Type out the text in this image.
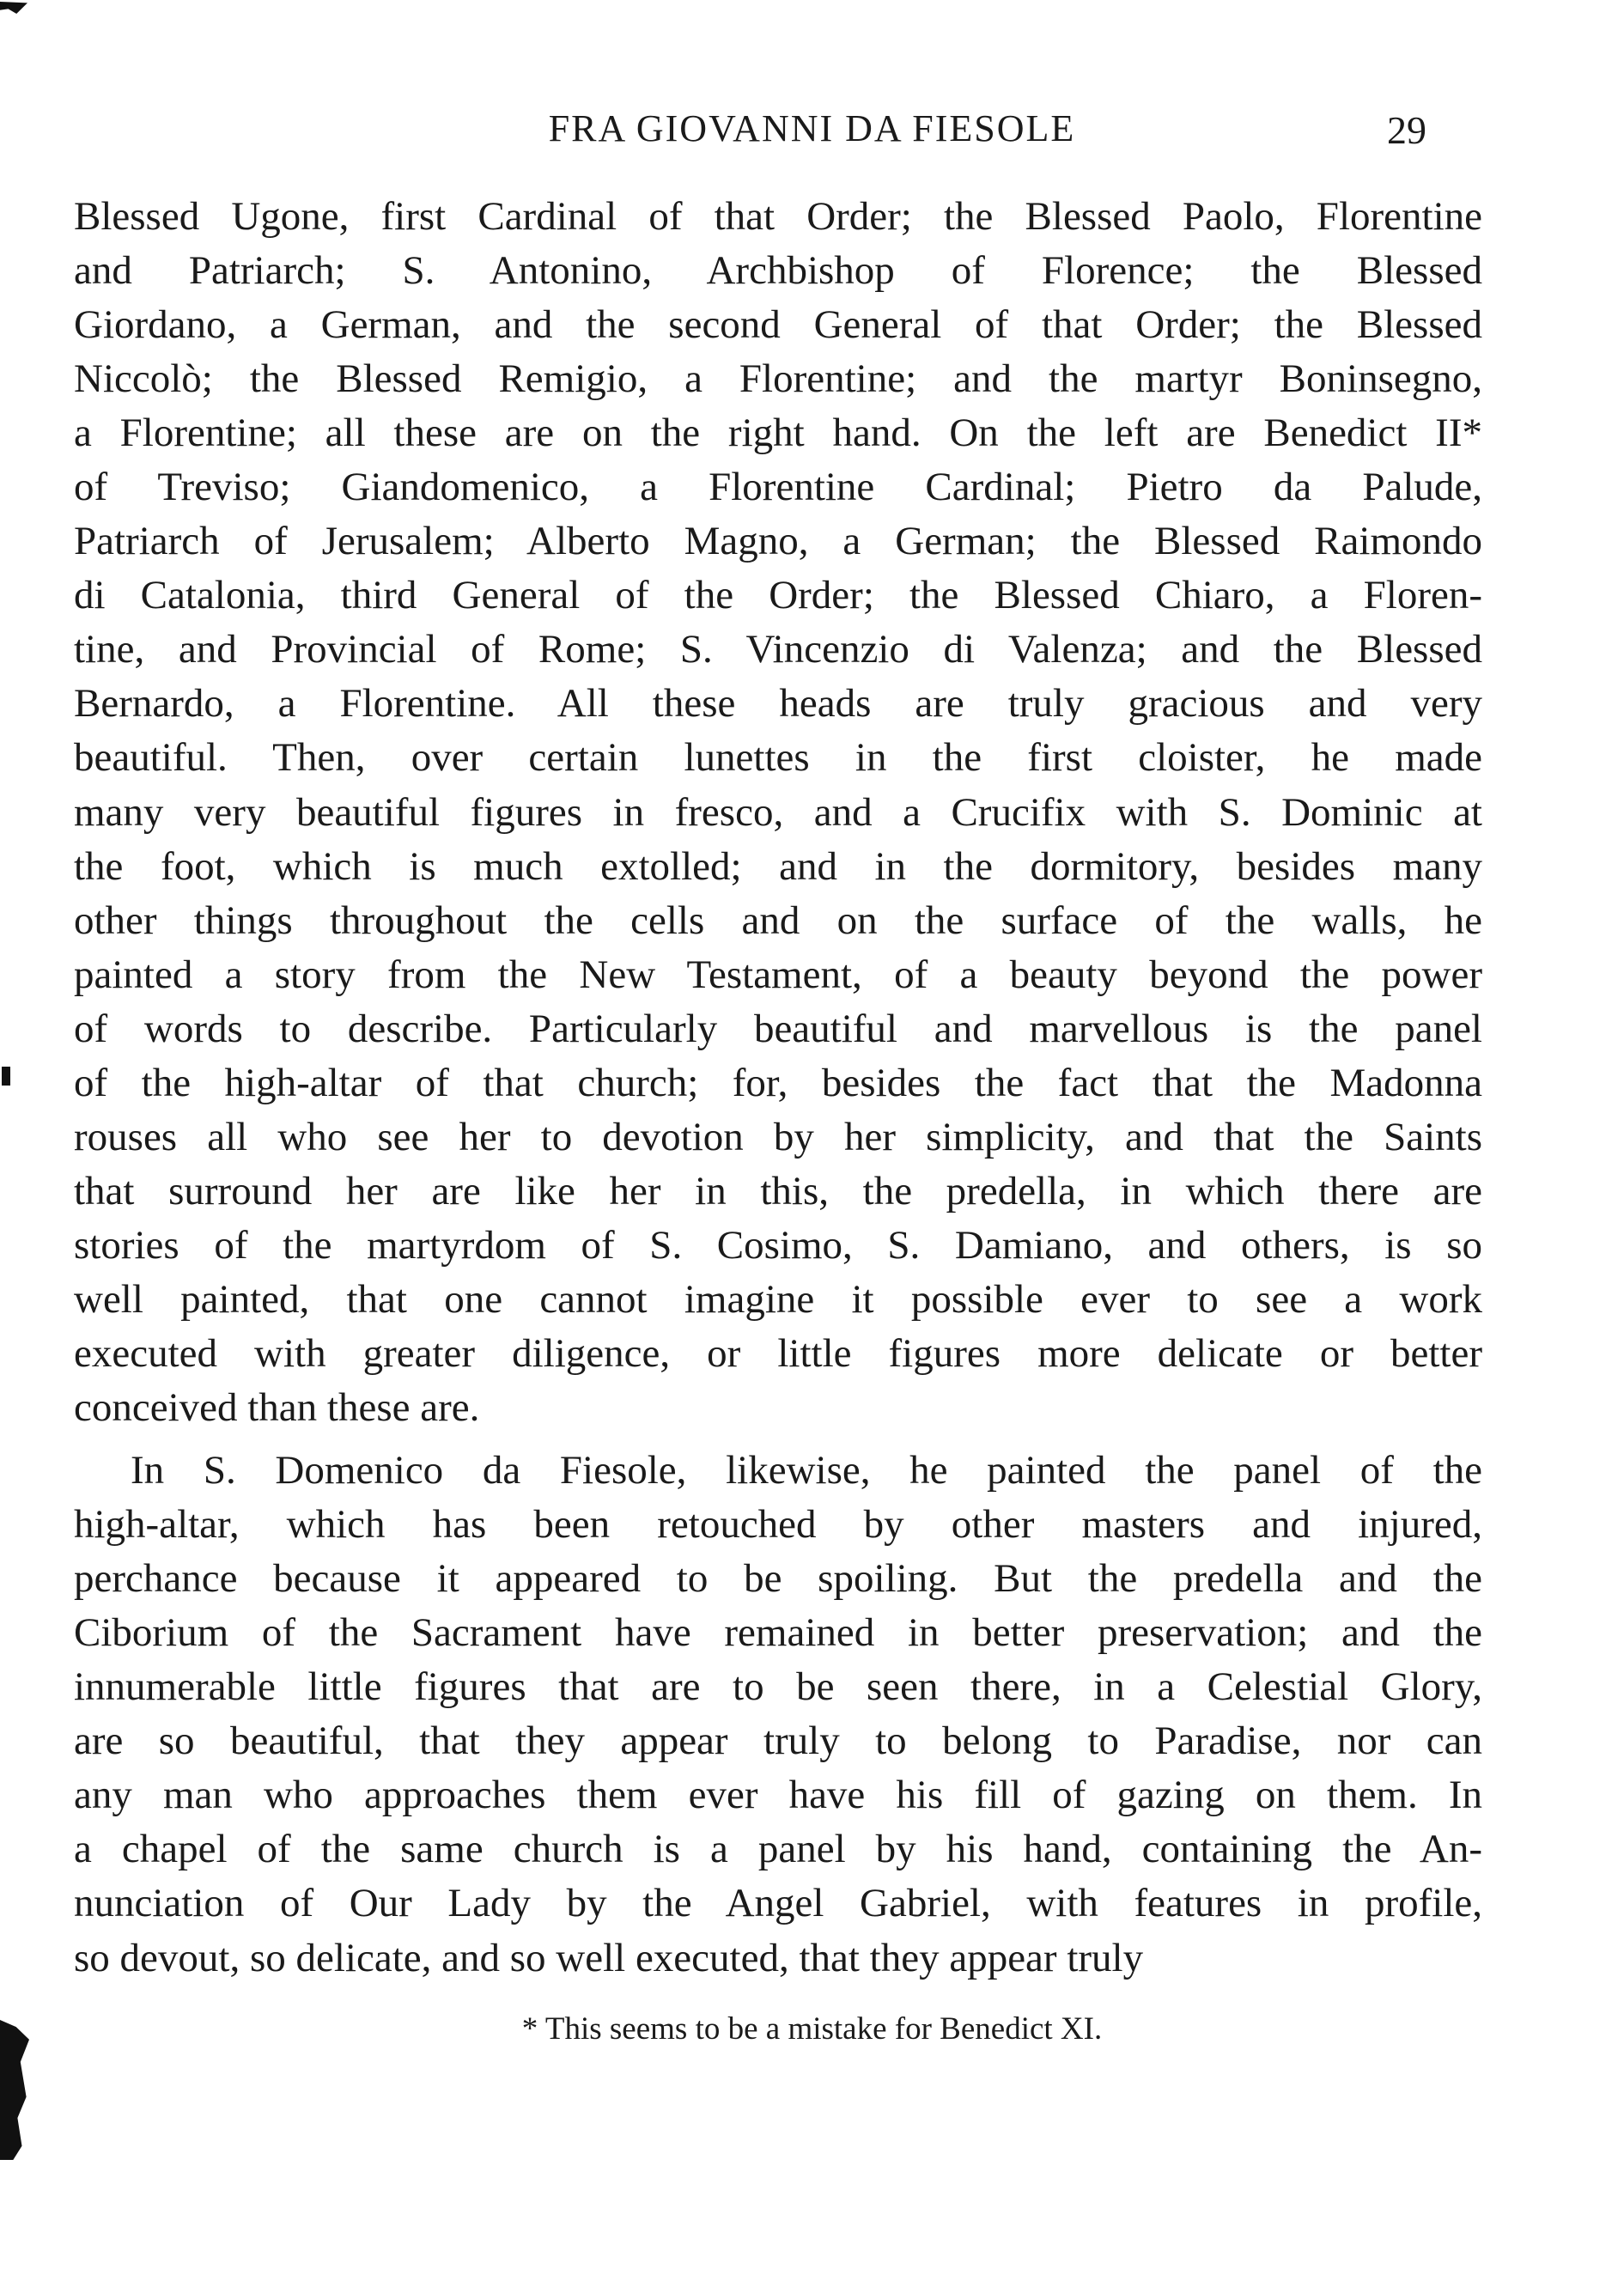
FRA GIOVANNI DA FIESOLE	29
Blessed Ugone, first Cardinal of that Order; the Blessed Paolo, Florentine
and Patriarch; S. Antonino, Archbishop of Florence; the Blessed
Giordano, a German, and the second General of that Order; the Blessed
Niccolò; the Blessed Remigio, a Florentine; and the martyr Boninsegno,
a Florentine; all these are on the right hand. On the left are Benedict II*
of Treviso; Giandomenico, a Florentine Cardinal; Pietro da Palude,
Patriarch of Jerusalem; Alberto Magno, a German; the Blessed Raimondo
di Catalonia, third General of the Order; the Blessed Chiaro, a Floren-
tine, and Provincial of Rome; S. Vincenzio di Valenza; and the Blessed
Bernardo, a Florentine. All these heads are truly gracious and very
beautiful. Then, over certain lunettes in the first cloister, he made
many very beautiful figures in fresco, and a Crucifix with S. Dominic at
the foot, which is much extolled; and in the dormitory, besides many
other things throughout the cells and on the surface of the walls, he
painted a story from the New Testament, of a beauty beyond the power
of words to describe. Particularly beautiful and marvellous is the panel
of the high-altar of that church; for, besides the fact that the Madonna
rouses all who see her to devotion by her simplicity, and that the Saints
that surround her are like her in this, the predella, in which there are
stories of the martyrdom of S. Cosimo, S. Damiano, and others, is so
well painted, that one cannot imagine it possible ever to see a work
executed with greater diligence, or little figures more delicate or better
conceived than these are.
In S. Domenico da Fiesole, likewise, he painted the panel of the
high-altar, which has been retouched by other masters and injured,
perchance because it appeared to be spoiling. But the predella and the
Ciborium of the Sacrament have remained in better preservation; and the
innumerable little figures that are to be seen there, in a Celestial Glory,
are so beautiful, that they appear truly to belong to Paradise, nor can
any man who approaches them ever have his fill of gazing on them. In
a chapel of the same church is a panel by his hand, containing the An-
nunciation of Our Lady by the Angel Gabriel, with features in profile,
so devout, so delicate, and so well executed, that they appear truly
* This seems to be a mistake for Benedict XI.
